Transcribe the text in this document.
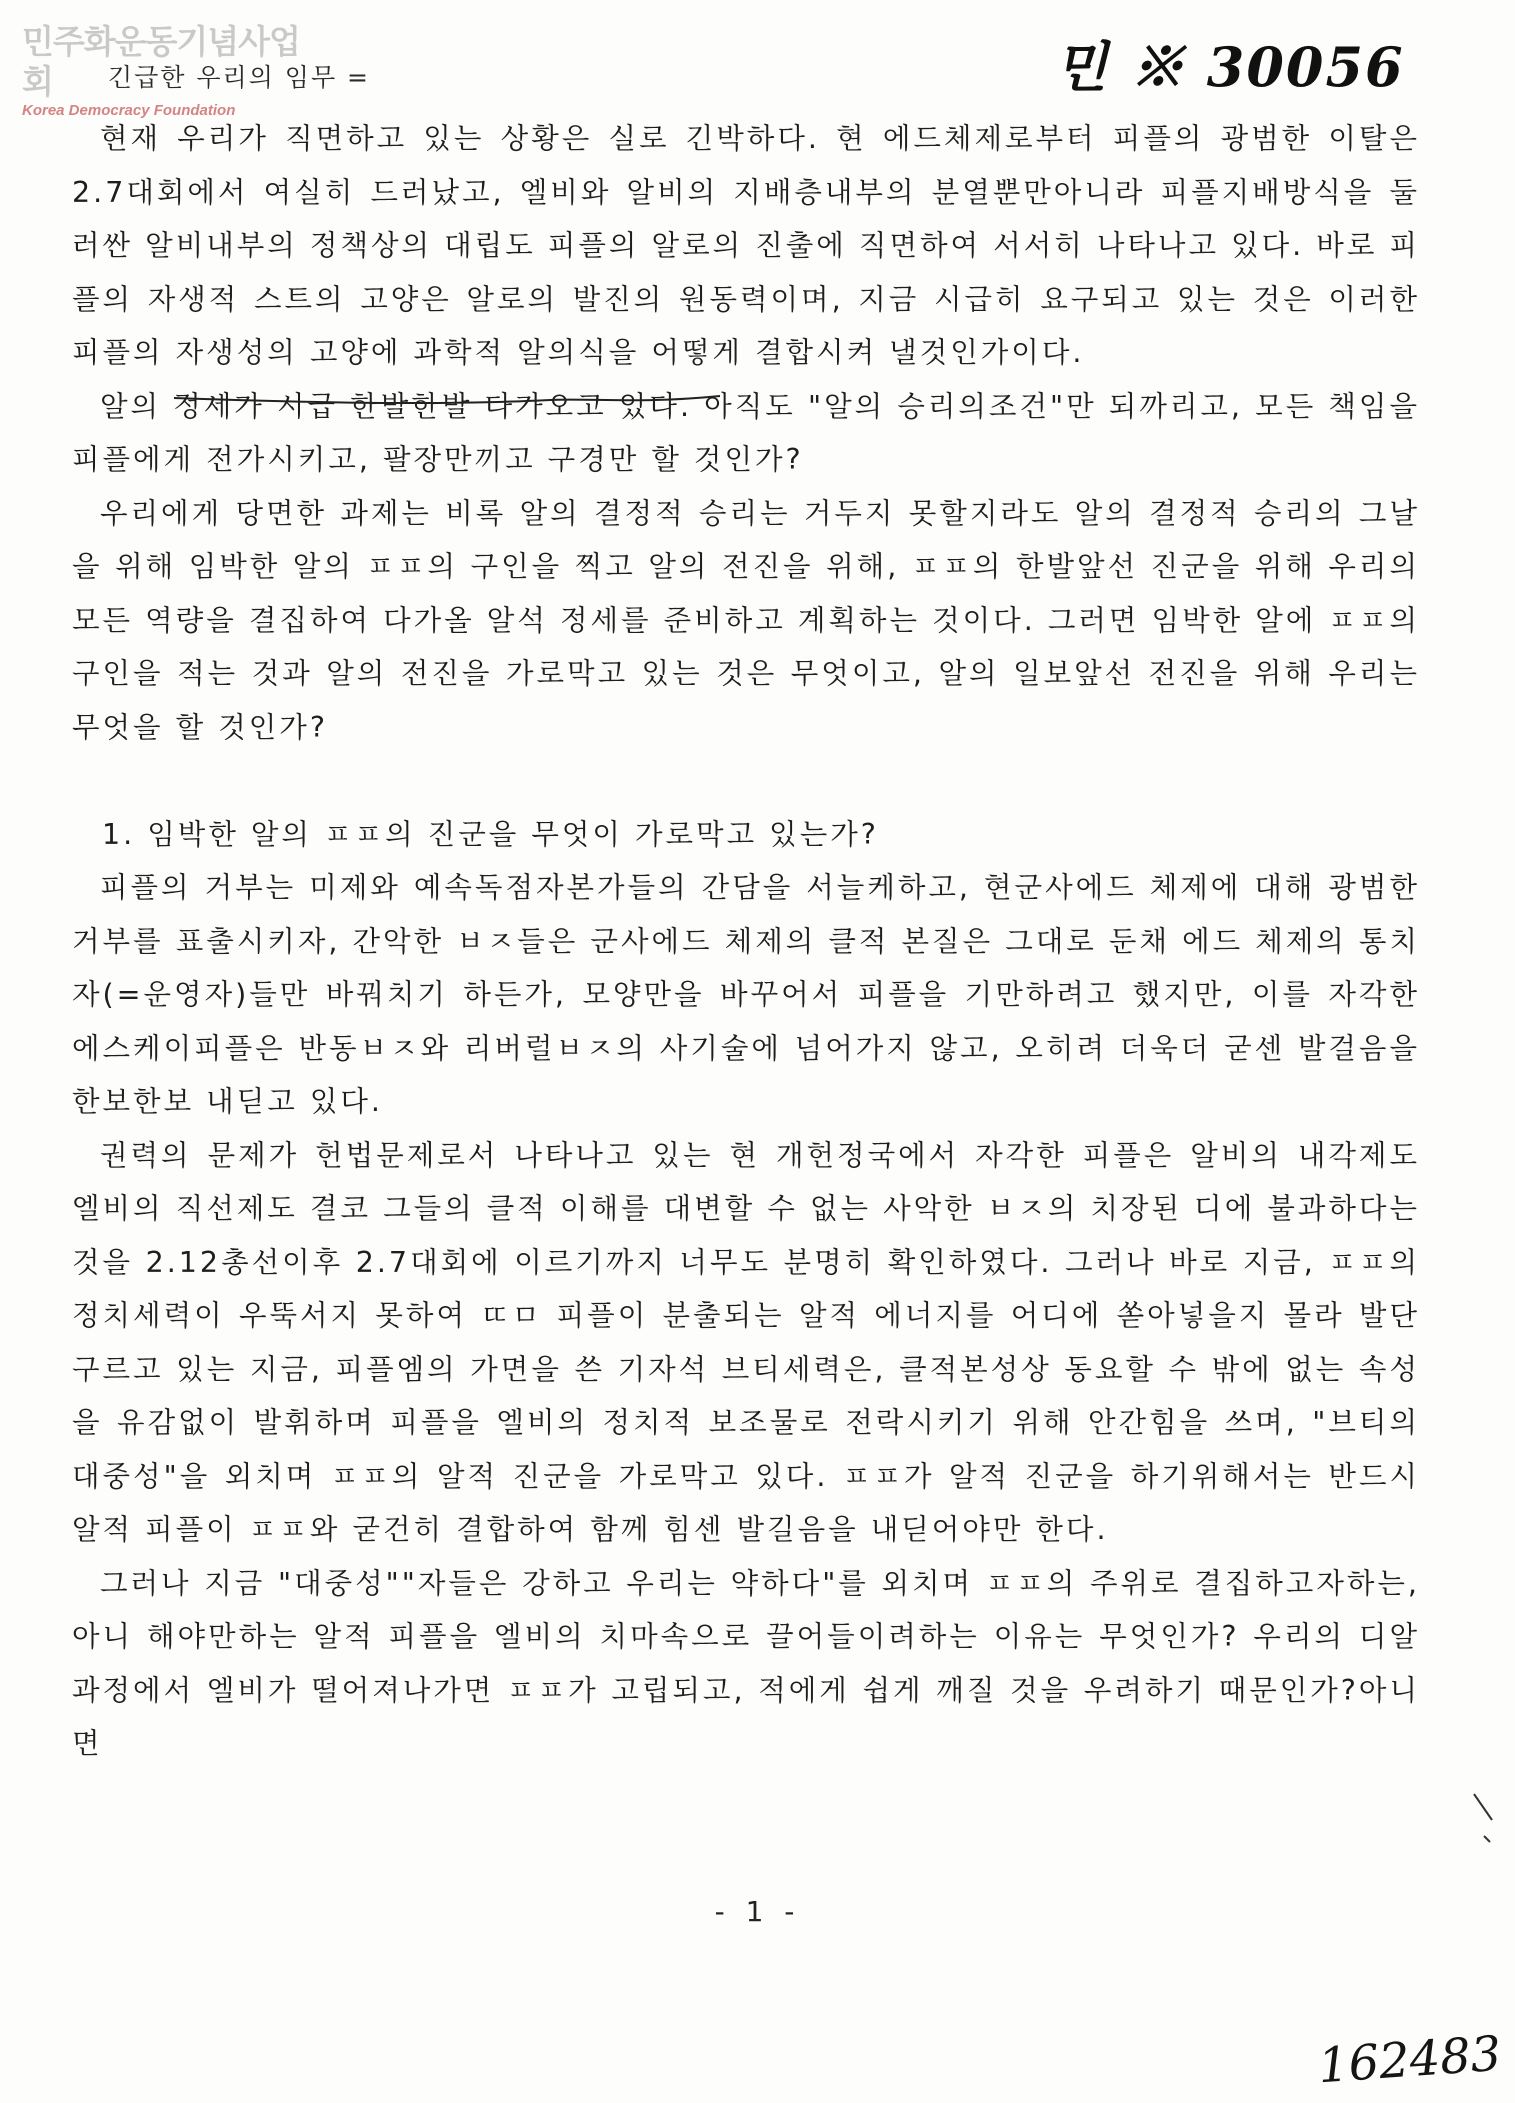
민주화운동기념사업회
Korea Democracy Foundation
민 ※ 30056
긴급한 우리의 임무 =

현재 우리가 직면하고 있는 상황은 실로 긴박하다. 현 에드체제로부터 피플의 광범한 이탈은 2.7대회에서 여실히 드러났고, 엘비와 알비의 지배층내부의 분열뿐만아니라 피플지배방식을 둘러싼 알비내부의 정책상의 대립도 피플의 알로의 진출에 직면하여 서서히 나타나고 있다. 바로 피플의 자생적 스트의 고양은 알로의 발진의 원동력이며, 지금 시급히 요구되고 있는 것은 이러한 피플의 자생성의 고양에 과학적 알의식을 어떻게 결합시켜 낼것인가이다.

알의 정세가 시급 한발한발 다가오고 있다. 아직도 "알의 승리의조건"만 되까리고, 모든 책임을 피플에게 전가시키고, 팔장만끼고 구경만 할 것인가?

우리에게 당면한 과제는 비록 알의 결정적 승리는 거두지 못할지라도 알의 결정적 승리의 그날을 위해 임박한 알의 ㅍㅍ의 구인을 찍고 알의 전진을 위해, ㅍㅍ의 한발앞선 진군을 위해 우리의 모든 역량을 결집하여 다가올 알석 정세를 준비하고 계획하는 것이다. 그러면 임박한 알에 ㅍㅍ의 구인을 적는 것과 알의 전진을 가로막고 있는 것은 무엇이고, 알의 일보앞선 전진을 위해 우리는 무엇을 할 것인가?

1. 임박한 알의 ㅍㅍ의 진군을 무엇이 가로막고 있는가?

피플의 거부는 미제와 예속독점자본가들의 간담을 서늘케하고, 현군사에드 체제에 대해 광범한 거부를 표출시키자, 간악한 ㅂㅈ들은 군사에드 체제의 클적 본질은 그대로 둔채 에드 체제의 통치자(=운영자)들만 바꿔치기 하든가, 모양만을 바꾸어서 피플을 기만하려고 했지만, 이를 자각한 에스케이피플은 반동ㅂㅈ와 리버럴ㅂㅈ의 사기술에 넘어가지 않고, 오히려 더욱더 굳센 발걸음을 한보한보 내딛고 있다.

권력의 문제가 헌법문제로서 나타나고 있는 현 개헌정국에서 자각한 피플은 알비의 내각제도 엘비의 직선제도 결코 그들의 클적 이해를 대변할 수 없는 사악한 ㅂㅈ의 치장된 디에 불과하다는 것을 2.12총선이후 2.7대회에 이르기까지 너무도 분명히 확인하였다. 그러나 바로 지금, ㅍㅍ의 정치세력이 우뚝서지 못하여 ㄸㅁ 피플이 분출되는 알적 에너지를 어디에 쏟아넣을지 몰라 발단 구르고 있는 지금, 피플엠의 가면을 쓴 기자석 브티세력은, 클적본성상 동요할 수 밖에 없는 속성을 유감없이 발휘하며 피플을 엘비의 정치적 보조물로 전락시키기 위해 안간힘을 쓰며, "브티의 대중성"을 외치며 ㅍㅍ의 알적 진군을 가로막고 있다. ㅍㅍ가 알적 진군을 하기위해서는 반드시 알적 피플이 ㅍㅍ와 굳건히 결합하여 함께 힘센 발길음을 내딛어야만 한다.

그러나 지금 "대중성""자들은 강하고 우리는 약하다"를 외치며 ㅍㅍ의 주위로 결집하고자하는, 아니 해야만하는 알적 피플을 엘비의 치마속으로 끌어들이려하는 이유는 무엇인가? 우리의 디알과정에서 엘비가 떨어져나가면 ㅍㅍ가 고립되고, 적에게 쉽게 깨질 것을 우려하기 때문인가?아니면

- 1 -
162483
